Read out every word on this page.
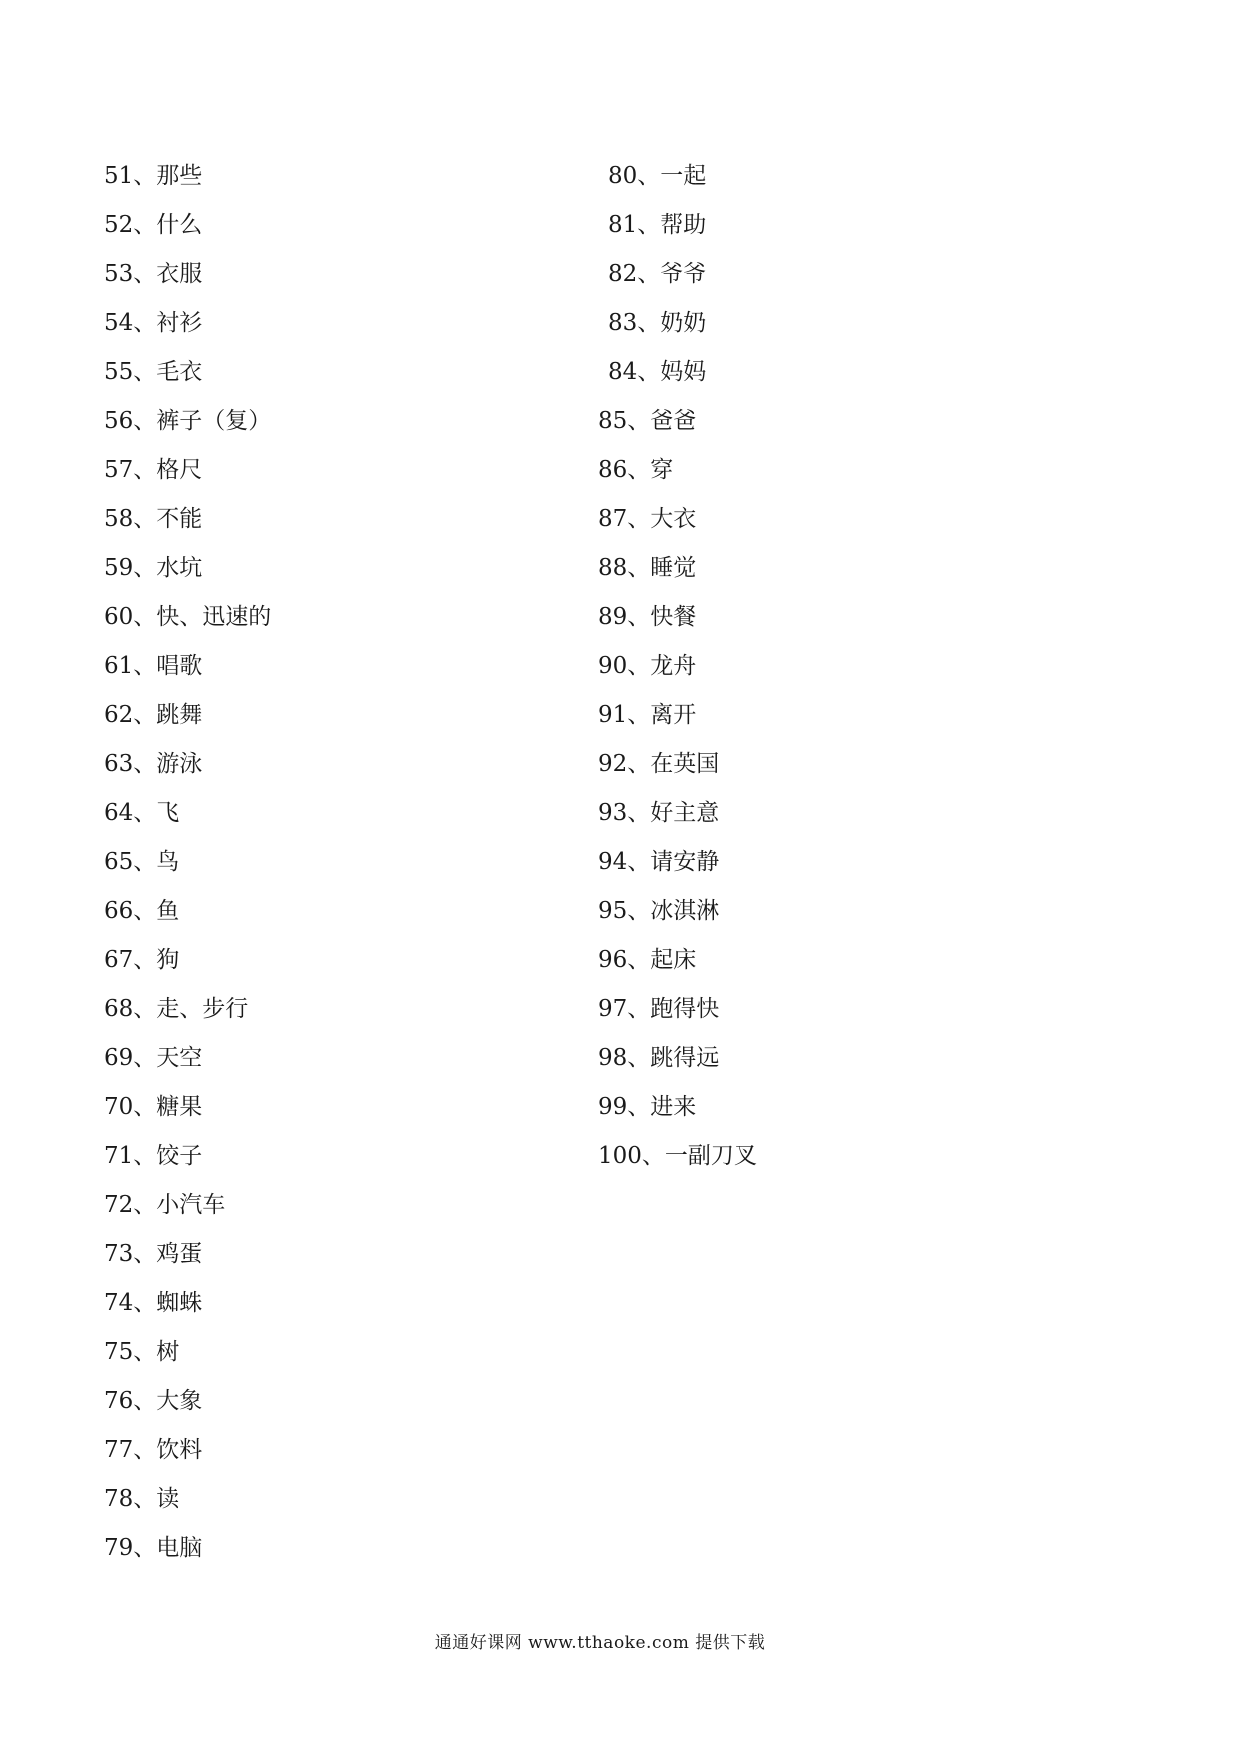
51、那些
52、什么
53、衣服
54、衬衫
55、毛衣
56、裤子（复）
57、格尺
58、不能
59、水坑
60、快、迅速的
61、唱歌
62、跳舞
63、游泳
64、飞
65、鸟
66、鱼
67、狗
68、走、步行
69、天空
70、糖果
71、饺子
72、小汽车
73、鸡蛋
74、蜘蛛
75、树
76、大象
77、饮料
78、读
79、电脑
80、一起
81、帮助
82、爷爷
83、奶奶
84、妈妈
85、爸爸
86、穿
87、大衣
88、睡觉
89、快餐
90、龙舟
91、离开
92、在英国
93、好主意
94、请安静
95、冰淇淋
96、起床
97、跑得快
98、跳得远
99、进来
100、一副刀叉
通通好课网 www.tthaoke.com 提供下载
